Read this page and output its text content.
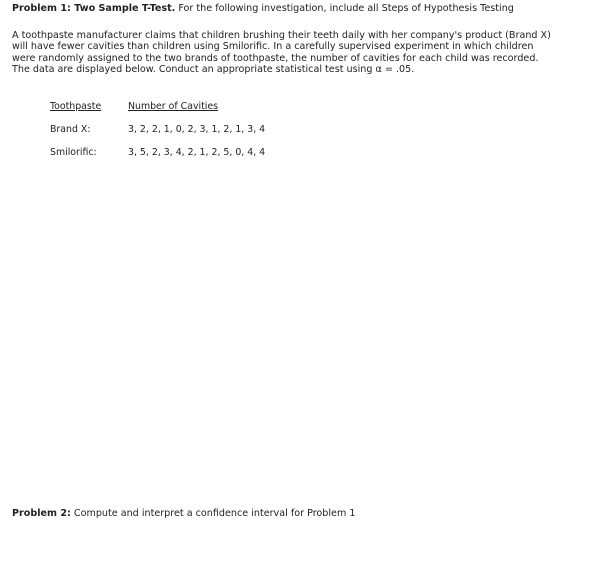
Problem 1: Two Sample T-Test. For the following investigation, include all Steps of Hypothesis Testing
A toothpaste manufacturer claims that children brushing their teeth daily with her company's product (Brand X)
will have fewer cavities than children using Smilorific. In a carefully supervised experiment in which children
were randomly assigned to the two brands of toothpaste, the number of cavities for each child was recorded.
The data are displayed below. Conduct an appropriate statistical test using α = .05.
Toothpaste	Number of Cavities
Brand X:	3, 2, 2, 1, 0, 2, 3, 1, 2, 1, 3, 4
Smilorific:	3, 5, 2, 3, 4, 2, 1, 2, 5, 0, 4, 4
Problem 2: Compute and interpret a confidence interval for Problem 1
